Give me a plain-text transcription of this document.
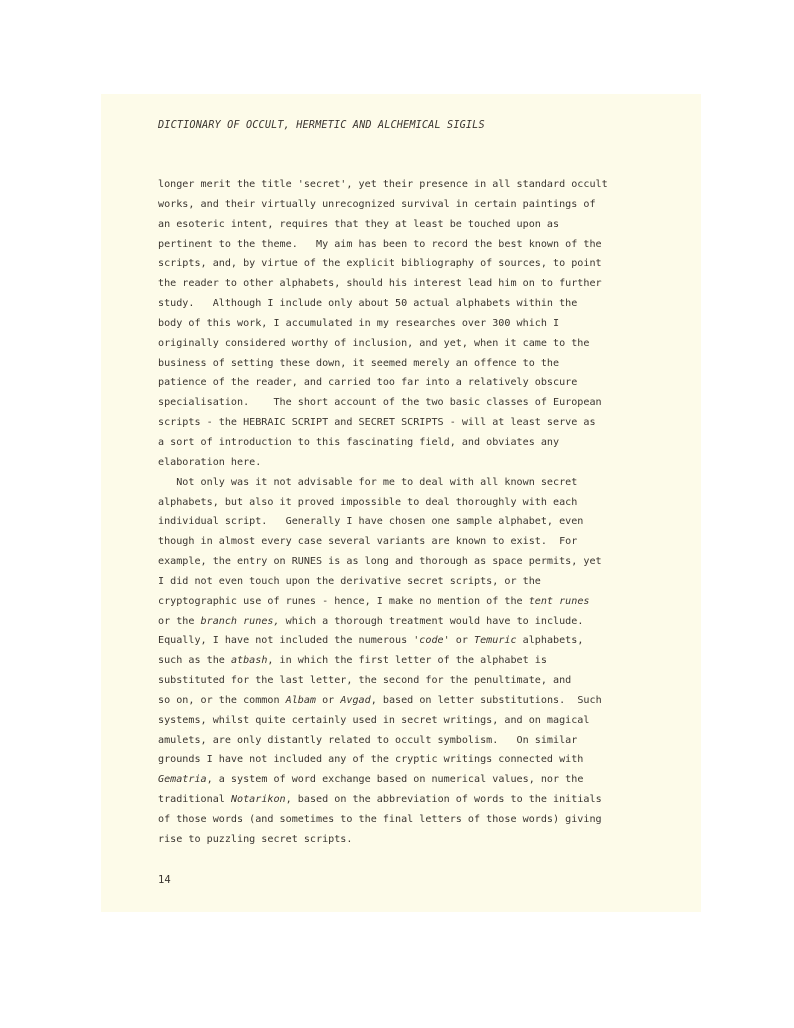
DICTIONARY OF OCCULT, HERMETIC AND ALCHEMICAL SIGILS

longer merit the title 'secret', yet their presence in all standard occult
works, and their virtually unrecognized survival in certain paintings of
an esoteric intent, requires that they at least be touched upon as
pertinent to the theme.   My aim has been to record the best known of the
scripts, and, by virtue of the explicit bibliography of sources, to point
the reader to other alphabets, should his interest lead him on to further
study.   Although I include only about 50 actual alphabets within the
body of this work, I accumulated in my researches over 300 which I
originally considered worthy of inclusion, and yet, when it came to the
business of setting these down, it seemed merely an offence to the
patience of the reader, and carried too far into a relatively obscure
specialisation.    The short account of the two basic classes of European
scripts - the HEBRAIC SCRIPT and SECRET SCRIPTS - will at least serve as
a sort of introduction to this fascinating field, and obviates any
elaboration here.
Not only was it not advisable for me to deal with all known secret
alphabets, but also it proved impossible to deal thoroughly with each
individual script.   Generally I have chosen one sample alphabet, even
though in almost every case several variants are known to exist.  For
example, the entry on RUNES is as long and thorough as space permits, yet
I did not even touch upon the derivative secret scripts, or the
cryptographic use of runes - hence, I make no mention of the tent runes
or the branch runes, which a thorough treatment would have to include.
Equally, I have not included the numerous 'code' or Temuric alphabets,
such as the atbash, in which the first letter of the alphabet is
substituted for the last letter, the second for the penultimate, and
so on, or the common Albam or Avgad, based on letter substitutions.  Such
systems, whilst quite certainly used in secret writings, and on magical
amulets, are only distantly related to occult symbolism.   On similar
grounds I have not included any of the cryptic writings connected with
Gematria, a system of word exchange based on numerical values, nor the
traditional Notarikon, based on the abbreviation of words to the initials
of those words (and sometimes to the final letters of those words) giving
rise to puzzling secret scripts.

14
